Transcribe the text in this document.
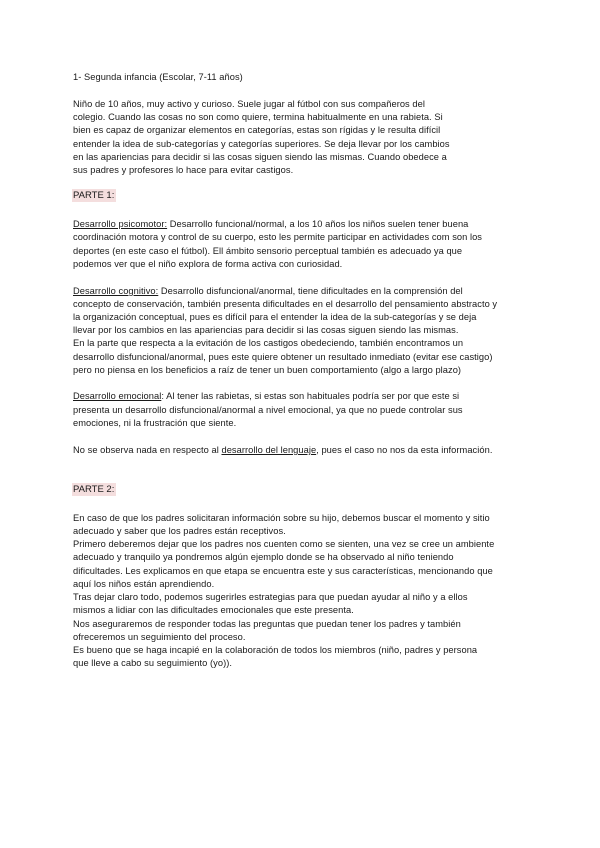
1- Segunda infancia (Escolar, 7-11 años)
Niño de 10 años, muy activo y curioso. Suele jugar al fútbol con sus compañeros del
colegio. Cuando las cosas no son como quiere, termina habitualmente en una rabieta. Si
bien es capaz de organizar elementos en categorías, estas son rígidas y le resulta difícil
entender la idea de sub-categorías y categorías superiores. Se deja llevar por los cambios
en las apariencias para decidir si las cosas siguen siendo las mismas. Cuando obedece a
sus padres y profesores lo hace para evitar castigos.
PARTE 1:
Desarrollo psicomotor: Desarrollo funcional/normal, a los 10 años los niños suelen tener buena
coordinación motora y control de su cuerpo, esto les permite participar en actividades com son los
deportes (en este caso el fútbol). Ell ámbito sensorio perceptual también es adecuado ya que
podemos ver que el niño explora de forma activa con curiosidad.
Desarrollo cognitivo: Desarrollo disfuncional/anormal, tiene dificultades en la comprensión del
concepto de conservación, también presenta dificultades en el desarrollo del pensamiento abstracto y
la organización conceptual, pues es difícil para el entender la idea de la sub-categorías y se deja
llevar por los cambios en las apariencias para decidir si las cosas siguen siendo las mismas.
En la parte que respecta a la evitación de los castigos obedeciendo, también encontramos un
desarrollo disfuncional/anormal, pues este quiere obtener un resultado inmediato (evitar ese castigo)
pero no piensa en los beneficios a raíz de tener un buen comportamiento (algo a largo plazo)
Desarrollo emocional: Al tener las rabietas, si estas son habituales podría ser por que este si
presenta un desarrollo disfuncional/anormal a nivel emocional, ya que no puede controlar sus
emociones, ni la frustración que siente.
No se observa nada en respecto al desarrollo del lenguaje, pues el caso no nos da esta información.
PARTE 2:
En caso de que los padres solicitaran información sobre su hijo, debemos buscar el momento y sitio
adecuado y saber que los padres están receptivos.
Primero deberemos dejar que los padres nos cuenten como se sienten, una vez se cree un ambiente
adecuado y tranquilo ya pondremos algún ejemplo donde se ha observado al niño teniendo
dificultades. Les explicamos en que etapa se encuentra este y sus características, mencionando que
aquí los niños están aprendiendo.
Tras dejar claro todo, podemos sugerirles estrategias para que puedan ayudar al niño y a ellos
mismos a lidiar con las dificultades emocionales que este presenta.
Nos aseguraremos de responder todas las preguntas que puedan tener los padres y también
ofreceremos un seguimiento del proceso.
Es bueno que se haga incapié en la colaboración de todos los miembros (niño, padres y persona
que lleve a cabo su seguimiento (yo)).
